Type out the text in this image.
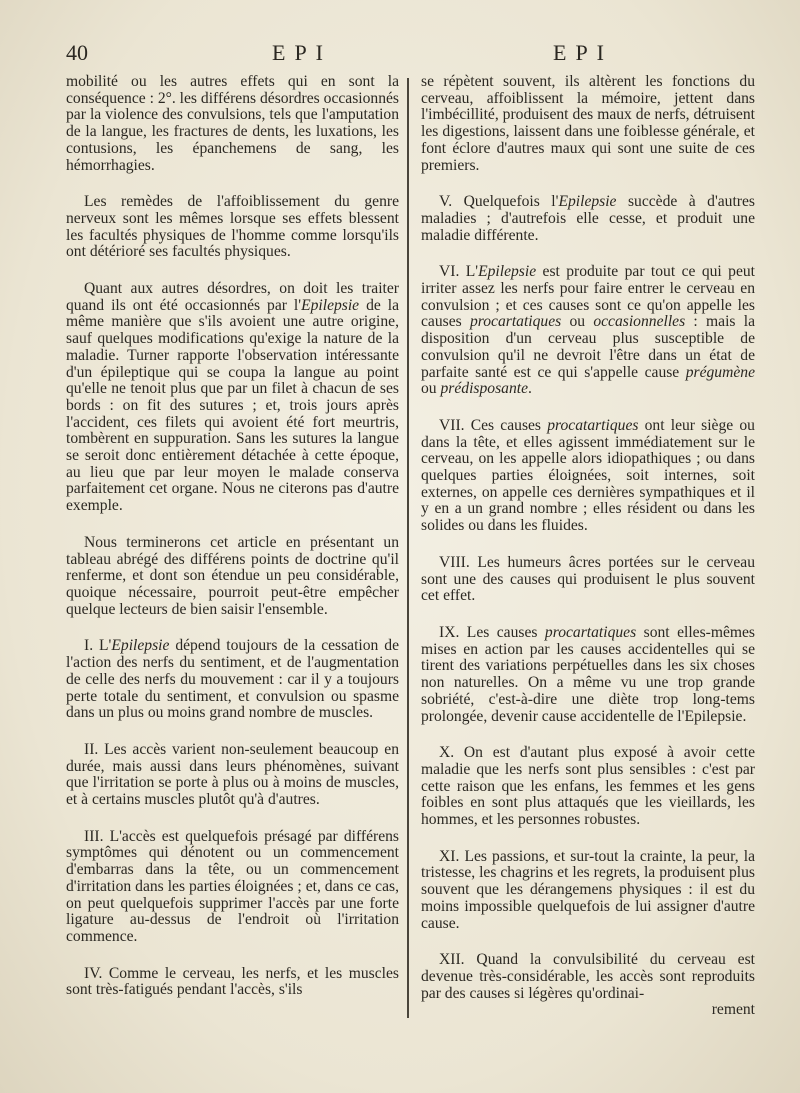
40	EPI	EPI

mobilité ou les autres effets qui en sont la conséquence : 2°. les différens désordres occasionnés par la violence des convulsions, tels que l'amputation de la langue, les fractures de dents, les luxations, les contusions, les épanchemens de sang, les hémorrhagies.

Les remèdes de l'affoiblissement du genre nerveux sont les mêmes lorsque ses effets blessent les facultés physiques de l'homme comme lorsqu'ils ont détérioré ses facultés physiques.

Quant aux autres désordres, on doit les traiter quand ils ont été occasionnés par l'Epilepsie de la même manière que s'ils avoient une autre origine, sauf quelques modifications qu'exige la nature de la maladie. Turner rapporte l'observation intéressante d'un épileptique qui se coupa la langue au point qu'elle ne tenoit plus que par un filet à chacun de ses bords : on fit des sutures ; et, trois jours après l'accident, ces filets qui avoient été fort meurtris, tombèrent en suppuration. Sans les sutures la langue se seroit donc entièrement détachée à cette époque, au lieu que par leur moyen le malade conserva parfaitement cet organe. Nous ne citerons pas d'autre exemple.

Nous terminerons cet article en présentant un tableau abrégé des différens points de doctrine qu'il renferme, et dont son étendue un peu considérable, quoique nécessaire, pourroit peut-être empêcher quelque lecteurs de bien saisir l'ensemble.

I. L'Epilepsie dépend toujours de la cessation de l'action des nerfs du sentiment, et de l'augmentation de celle des nerfs du mouvement : car il y a toujours perte totale du sentiment, et convulsion ou spasme dans un plus ou moins grand nombre de muscles.

II. Les accès varient non-seulement beaucoup en durée, mais aussi dans leurs phénomènes, suivant que l'irritation se porte à plus ou à moins de muscles, et à certains muscles plutôt qu'à d'autres.

III. L'accès est quelquefois présagé par différens symptômes qui dénotent ou un commencement d'embarras dans la tête, ou un commencement d'irritation dans les parties éloignées ; et, dans ce cas, on peut quelquefois supprimer l'accès par une forte ligature au-dessus de l'endroit où l'irritation commence.

IV. Comme le cerveau, les nerfs, et les muscles sont très-fatigués pendant l'accès, s'ils

se répètent souvent, ils altèrent les fonctions du cerveau, affoiblissent la mémoire, jettent dans l'imbécillité, produisent des maux de nerfs, détruisent les digestions, laissent dans une foiblesse générale, et font éclore d'autres maux qui sont une suite de ces premiers.

V. Quelquefois l'Epilepsie succède à d'autres maladies ; d'autrefois elle cesse, et produit une maladie différente.

VI. L'Epilepsie est produite par tout ce qui peut irriter assez les nerfs pour faire entrer le cerveau en convulsion ; et ces causes sont ce qu'on appelle les causes procartatiques ou occasionnelles : mais la disposition d'un cerveau plus susceptible de convulsion qu'il ne devroit l'être dans un état de parfaite santé est ce qui s'appelle cause prégumène ou prédisposante.

VII. Ces causes procatartiques ont leur siège ou dans la tête, et elles agissent immédiatement sur le cerveau, on les appelle alors idiopathiques ; ou dans quelques parties éloignées, soit internes, soit externes, on appelle ces dernières sympathiques et il y en a un grand nombre ; elles résident ou dans les solides ou dans les fluides.

VIII. Les humeurs âcres portées sur le cerveau sont une des causes qui produisent le plus souvent cet effet.

IX. Les causes procartatiques sont elles-mêmes mises en action par les causes accidentelles qui se tirent des variations perpétuelles dans les six choses non naturelles. On a même vu une trop grande sobriété, c'est-à-dire une diète trop long-tems prolongée, devenir cause accidentelle de l'Epilepsie.

X. On est d'autant plus exposé à avoir cette maladie que les nerfs sont plus sensibles : c'est par cette raison que les enfans, les femmes et les gens foibles en sont plus attaqués que les vieillards, les hommes, et les personnes robustes.

XI. Les passions, et sur-tout la crainte, la peur, la tristesse, les chagrins et les regrets, la produisent plus souvent que les dérangemens physiques : il est du moins impossible quelquefois de lui assigner d'autre cause.

XII. Quand la convulsibilité du cerveau est devenue très-considérable, les accès sont reproduits par des causes si légères qu'ordinai-

rement
